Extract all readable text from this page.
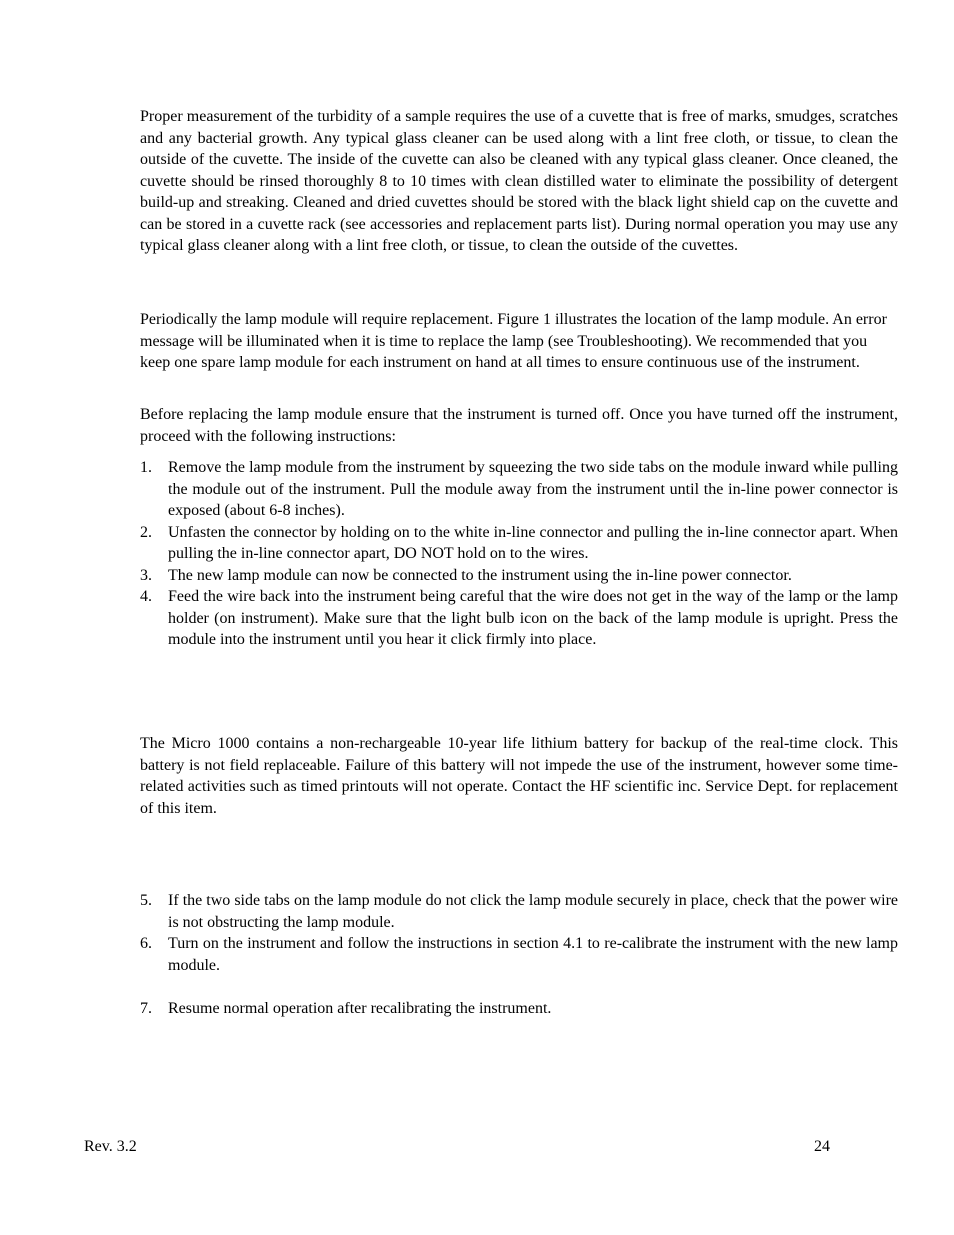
Proper measurement of the turbidity of a sample requires the use of a cuvette that is free of marks, smudges, scratches and any bacterial growth. Any typical glass cleaner can be used along with a lint free cloth, or tissue, to clean the outside of the cuvette. The inside of the cuvette can also be cleaned with any typical glass cleaner. Once cleaned, the cuvette should be rinsed thoroughly 8 to 10 times with clean distilled water to eliminate the possibility of detergent build-up and streaking. Cleaned and dried cuvettes should be stored with the black light shield cap on the cuvette and can be stored in a cuvette rack (see accessories and replacement parts list). During normal operation you may use any typical glass cleaner along with a lint free cloth, or tissue, to clean the outside of the cuvettes.

Periodically the lamp module will require replacement. Figure 1 illustrates the location of the lamp module. An error message will be illuminated when it is time to replace the lamp (see Troubleshooting). We recommended that you keep one spare lamp module for each instrument on hand at all times to ensure continuous use of the instrument.

Before replacing the lamp module ensure that the instrument is turned off. Once you have turned off the instrument, proceed with the following instructions:

1. Remove the lamp module from the instrument by squeezing the two side tabs on the module inward while pulling the module out of the instrument. Pull the module away from the instrument until the in-line power connector is exposed (about 6-8 inches).
2. Unfasten the connector by holding on to the white in-line connector and pulling the in-line connector apart. When pulling the in-line connector apart, DO NOT hold on to the wires.
3. The new lamp module can now be connected to the instrument using the in-line power connector.
4. Feed the wire back into the instrument being careful that the wire does not get in the way of the lamp or the lamp holder (on instrument). Make sure that the light bulb icon on the back of the lamp module is upright. Press the module into the instrument until you hear it click firmly into place.

The Micro 1000 contains a non-rechargeable 10-year life lithium battery for backup of the real-time clock. This battery is not field replaceable. Failure of this battery will not impede the use of the instrument, however some time-related activities such as timed printouts will not operate. Contact the HF scientific inc. Service Dept. for replacement of this item.

5. If the two side tabs on the lamp module do not click the lamp module securely in place, check that the power wire is not obstructing the lamp module.
6. Turn on the instrument and follow the instructions in section 4.1 to re-calibrate the instrument with the new lamp module.
7. Resume normal operation after recalibrating the instrument.
Rev. 3.2	24
